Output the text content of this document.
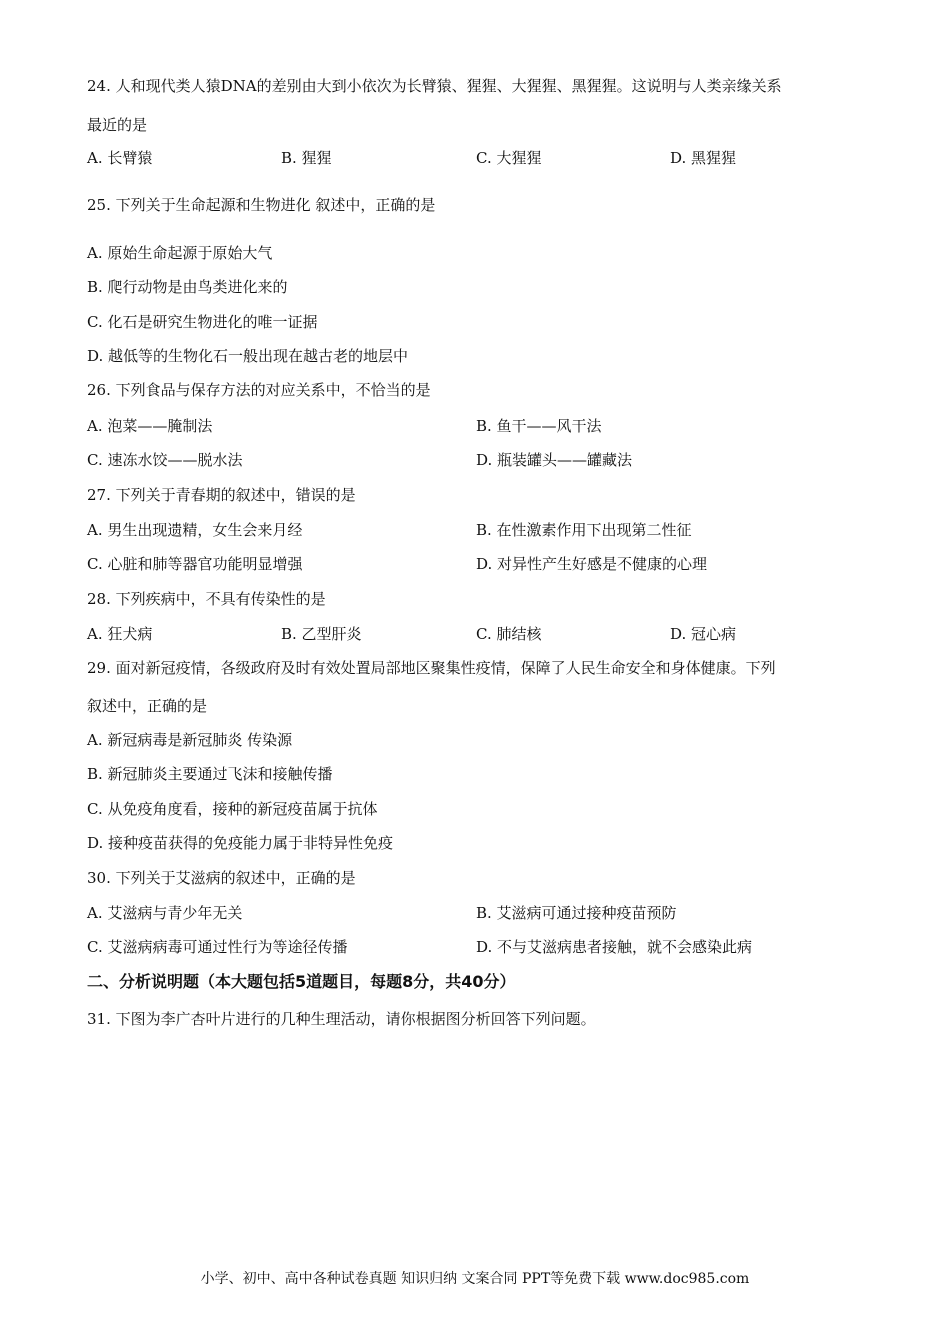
24. 人和现代类人猿DNA的差别由大到小依次为长臂猿、猩猩、大猩猩、黑猩猩。这说明与人类亲缘关系
最近的是
A. 长臂猿	B. 猩猩	C. 大猩猩	D. 黑猩猩
25. 下列关于生命起源和生物进化 叙述中，正确的是
A. 原始生命起源于原始大气
B. 爬行动物是由鸟类进化来的
C. 化石是研究生物进化的唯一证据
D. 越低等的生物化石一般出现在越古老的地层中
26. 下列食品与保存方法的对应关系中，不恰当的是
A. 泡菜——腌制法	B. 鱼干——风干法
C. 速冻水饺——脱水法	D. 瓶装罐头——罐藏法
27. 下列关于青春期的叙述中，错误的是
A. 男生出现遗精，女生会来月经	B. 在性激素作用下出现第二性征
C. 心脏和肺等器官功能明显增强	D. 对异性产生好感是不健康的心理
28. 下列疾病中，不具有传染性的是
A. 狂犬病	B. 乙型肝炎	C. 肺结核	D. 冠心病
29. 面对新冠疫情，各级政府及时有效处置局部地区聚集性疫情，保障了人民生命安全和身体健康。下列
叙述中，正确的是
A. 新冠病毒是新冠肺炎 传染源
B. 新冠肺炎主要通过飞沫和接触传播
C. 从免疫角度看，接种的新冠疫苗属于抗体
D. 接种疫苗获得的免疫能力属于非特异性免疫
30. 下列关于艾滋病的叙述中，正确的是
A. 艾滋病与青少年无关	B. 艾滋病可通过接种疫苗预防
C. 艾滋病病毒可通过性行为等途径传播	D. 不与艾滋病患者接触，就不会感染此病
二、分析说明题（本大题包括5道题目，每题8分，共40分）
31. 下图为李广杏叶片进行的几种生理活动，请你根据图分析回答下列问题。
小学、初中、高中各种试卷真题 知识归纳 文案合同 PPT等免费下载 www.doc985.com
